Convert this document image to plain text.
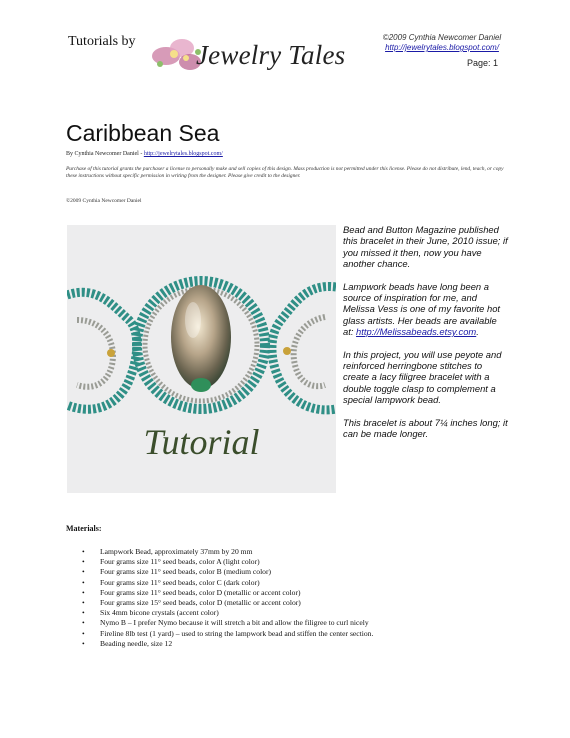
Tutorials by Jewelry Tales
©2009 Cynthia Newcomer Daniel
http://jewelrytales.blogspot.com/
Page: 1
Caribbean Sea
By Cynthia Newcomer Daniel - http://jewelrytales.blogspot.com/
Purchase of this tutorial grants the purchaser a license to personally make and sell copies of this design. Mass production is not permitted under this license. Please do not distribute, lend, teach, or copy these instructions without specific permission in writing from the designer. Please give credit to the designer.
©2009 Cynthia Newcomer Daniel
Tutorial

Bead and Button Magazine published this bracelet in their June, 2010 issue; if you missed it then, now you have another chance.

Lampwork beads have long been a source of inspiration for me, and Melissa Vess is one of my favorite hot glass artists. Her beads are available at: http://Melissabeads.etsy.com.

In this project, you will use peyote and reinforced herringbone stitches to create a lacy filigree bracelet with a double toggle clasp to complement a special lampwork bead.

This bracelet is about 7¼ inches long; it can be made longer.

Materials:
• Lampwork Bead, approximately 37mm by 20 mm
• Four grams size 11° seed beads, color A (light color)
• Four grams size 11° seed beads, color B (medium color)
• Four grams size 11° seed beads, color C (dark color)
• Four grams size 11° seed beads, color D (metallic or accent color)
• Four grams size 15° seed beads, color D (metallic or accent color)
• Six 4mm bicone crystals (accent color)
• Nymo B – I prefer Nymo because it will stretch a bit and allow the filigree to curl nicely
• Fireline 8lb test (1 yard) – used to string the lampwork bead and stiffen the center section.
• Beading needle, size 12
